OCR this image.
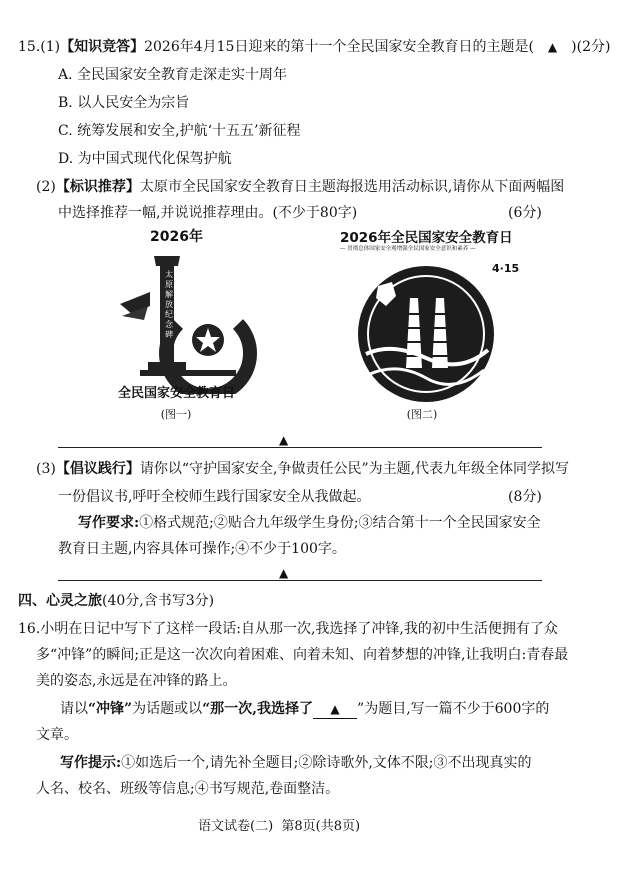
15.(1)【知识竞答】2026年4月15日迎来的第十一个全民国家安全教育日的主题是( ▲ )(2分)
A. 全民国家安全教育走深走实十周年
B. 以人民安全为宗旨
C. 统筹发展和安全,护航‘十五五’新征程
D. 为中国式现代化保驾护航
(2)【标识推荐】太原市全民国家安全教育日主题海报选用活动标识,请你从下面两幅图
中选择推荐一幅,并说说推荐理由。(不少于80字)	(6分)
2026年
太
原
解
放
纪
念
碑
全民国家安全教育日
(图一)
2026年全民国家安全教育日
— 贯彻总体国家安全观增强全民国家安全意识和素养 —
4·15
(图二)
▲
(3)【倡议践行】请你以“守护国家安全,争做责任公民”为主题,代表九年级全体同学拟写
一份倡议书,呼吁全校师生践行国家安全从我做起。	(8分)
写作要求:①格式规范;②贴合九年级学生身份;③结合第十一个全民国家安全
教育日主题,内容具体可操作;④不少于100字。
▲
四、心灵之旅(40分,含书写3分)
16.小明在日记中写下了这样一段话:自从那一次,我选择了冲锋,我的初中生活便拥有了众
多“冲锋”的瞬间;正是这一次次向着困难、向着未知、向着梦想的冲锋,让我明白:青春最
美的姿态,永远是在冲锋的路上。
请以“冲锋”为话题或以“那一次,我选择了 ▲ ”为题目,写一篇不少于600字的
文章。
写作提示:①如选后一个,请先补全题目;②除诗歌外,文体不限;③不出现真实的
人名、校名、班级等信息;④书写规范,卷面整洁。
语文试卷(二)  第8页(共8页)
